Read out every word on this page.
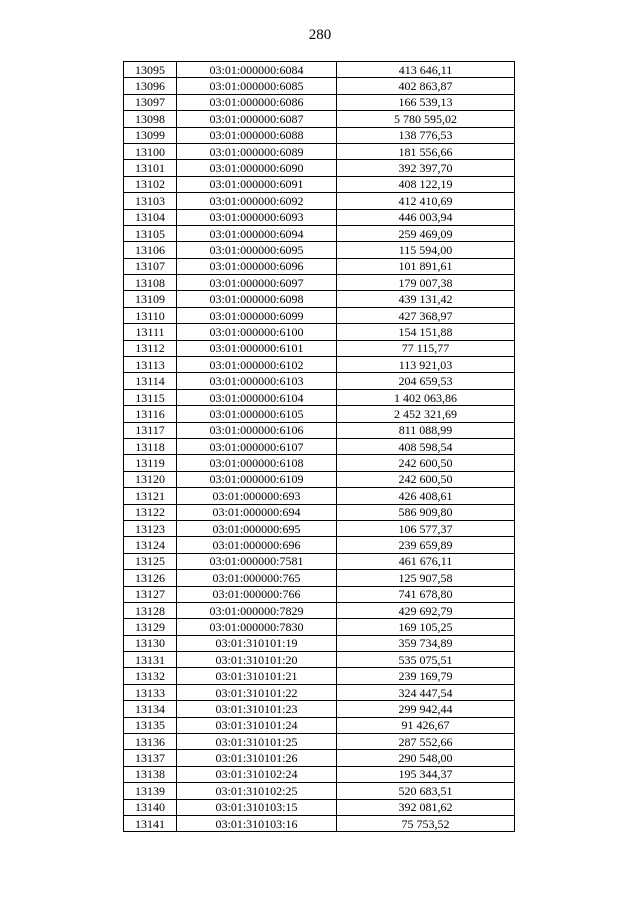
280
13095	03:01:000000:6084	413 646,11
13096	03:01:000000:6085	402 863,87
13097	03:01:000000:6086	166 539,13
13098	03:01:000000:6087	5 780 595,02
13099	03:01:000000:6088	138 776,53
13100	03:01:000000:6089	181 556,66
13101	03:01:000000:6090	392 397,70
13102	03:01:000000:6091	408 122,19
13103	03:01:000000:6092	412 410,69
13104	03:01:000000:6093	446 003,94
13105	03:01:000000:6094	259 469,09
13106	03:01:000000:6095	115 594,00
13107	03:01:000000:6096	101 891,61
13108	03:01:000000:6097	179 007,38
13109	03:01:000000:6098	439 131,42
13110	03:01:000000:6099	427 368,97
13111	03:01:000000:6100	154 151,88
13112	03:01:000000:6101	77 115,77
13113	03:01:000000:6102	113 921,03
13114	03:01:000000:6103	204 659,53
13115	03:01:000000:6104	1 402 063,86
13116	03:01:000000:6105	2 452 321,69
13117	03:01:000000:6106	811 088,99
13118	03:01:000000:6107	408 598,54
13119	03:01:000000:6108	242 600,50
13120	03:01:000000:6109	242 600,50
13121	03:01:000000:693	426 408,61
13122	03:01:000000:694	586 909,80
13123	03:01:000000:695	106 577,37
13124	03:01:000000:696	239 659,89
13125	03:01:000000:7581	461 676,11
13126	03:01:000000:765	125 907,58
13127	03:01:000000:766	741 678,80
13128	03:01:000000:7829	429 692,79
13129	03:01:000000:7830	169 105,25
13130	03:01:310101:19	359 734,89
13131	03:01:310101:20	535 075,51
13132	03:01:310101:21	239 169,79
13133	03:01:310101:22	324 447,54
13134	03:01:310101:23	299 942,44
13135	03:01:310101:24	91 426,67
13136	03:01:310101:25	287 552,66
13137	03:01:310101:26	290 548,00
13138	03:01:310102:24	195 344,37
13139	03:01:310102:25	520 683,51
13140	03:01:310103:15	392 081,62
13141	03:01:310103:16	75 753,52
